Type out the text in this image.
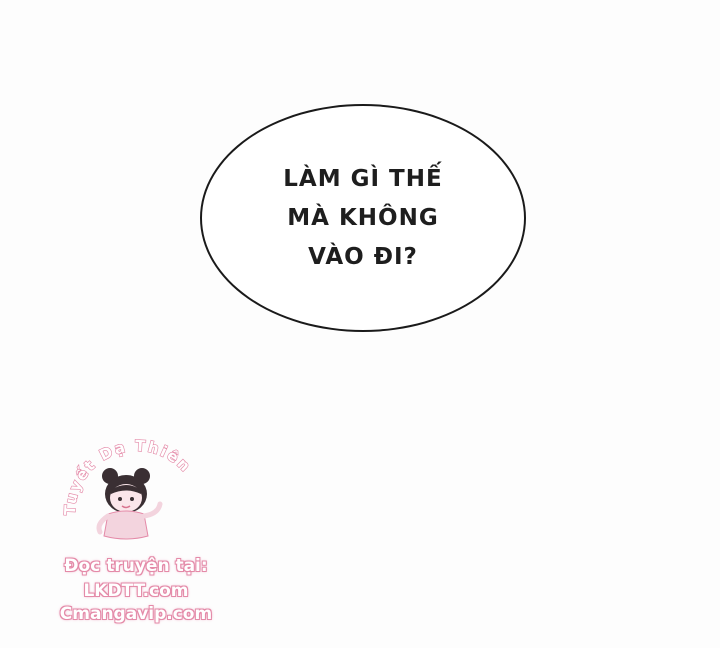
LÀM GÌ THẾ
MÀ KHÔNG
VÀO ĐI?
Tuyết Dạ Thiên
Đọc truyện tại:
LKDTT.com
Cmangavip.com
